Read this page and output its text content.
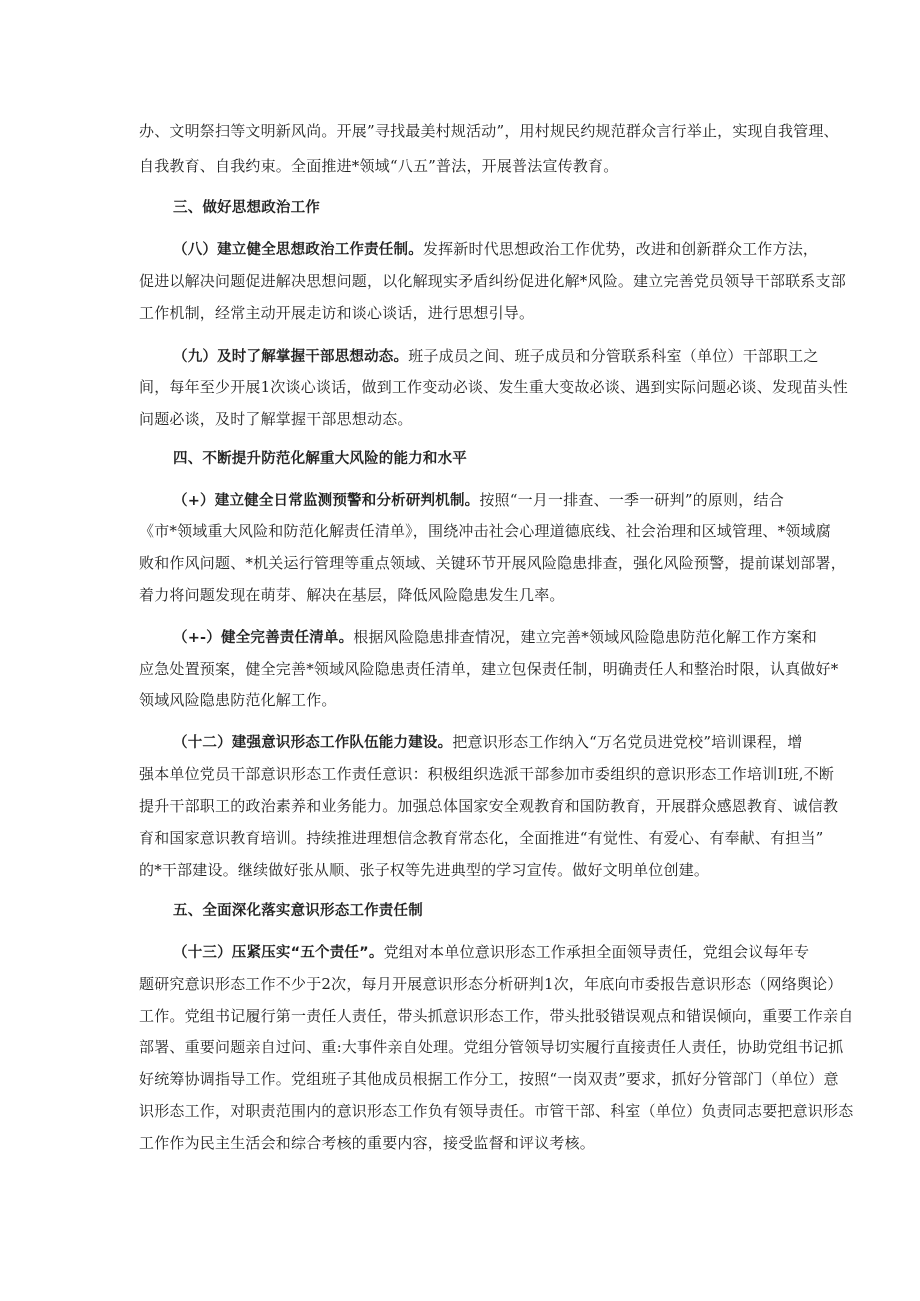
办、文明祭扫等文明新风尚。开展”寻找最美村规活动”，用村规民约规范群众言行举止，实现自我管理、
自我教育、自我约束。全面推进*领域“八五”普法，开展普法宣传教育。
三、做好思想政治工作
（八）建立健全思想政治工作责任制。发挥新时代思想政治工作优势，改进和创新群众工作方法，
促进以解决问题促进解决思想问题，以化解现实矛盾纠纷促进化解*风险。建立完善党员领导干部联系支部
工作机制，经常主动开展走访和谈心谈话，进行思想引导。
（九）及时了解掌握干部思想动态。班子成员之间、班子成员和分管联系科室（单位）干部职工之
间，每年至少开展1次谈心谈话，做到工作变动必谈、发生重大变故必谈、遇到实际问题必谈、发现苗头性
问题必谈，及时了解掌握干部思想动态。
四、不断提升防范化解重大风险的能力和水平
（+）建立健全日常监测预警和分析研判机制。按照“一月一排查、一季一研判”的原则，结合
《市*领域重大风险和防范化解责任清单》，围绕冲击社会心理道德底线、社会治理和区域管理、*领域腐
败和作风问题、*机关运行管理等重点领域、关键环节开展风险隐患排查，强化风险预警，提前谋划部署，
着力将问题发现在萌芽、解决在基层，降低风险隐患发生几率。
（+-）健全完善责任清单。根据风险隐患排查情况，建立完善*领域风险隐患防范化解工作方案和
应急处置预案，健全完善*领域风险隐患责任清单，建立包保责任制，明确责任人和整治时限，认真做好*
领域风险隐患防范化解工作。
（十二）建强意识形态工作队伍能力建设。把意识形态工作纳入“万名党员进党校”培训课程，增
强本单位党员干部意识形态工作责任意识：积极组织选派干部参加市委组织的意识形态工作培训I班,不断
提升干部职工的政治素养和业务能力。加强总体国家安全观教育和国防教育，开展群众感恩教育、诚信教
育和国家意识教育培训。持续推进理想信念教育常态化，全面推进“有觉性、有爱心、有奉献、有担当”
的*干部建设。继续做好张从顺、张子权等先进典型的学习宣传。做好文明单位创建。
五、全面深化落实意识形态工作责任制
（十三）压紧压实“五个责任”。党组对本单位意识形态工作承担全面领导责任，党组会议每年专
题研究意识形态工作不少于2次，每月开展意识形态分析研判1次，年底向市委报告意识形态（网络舆论）
工作。党组书记履行第一责任人责任，带头抓意识形态工作，带头批驳错误观点和错误倾向，重要工作亲自
部署、重要问题亲自过问、重:大事件亲自处理。党组分管领导切实履行直接责任人责任，协助党组书记抓
好统筹协调指导工作。党组班子其他成员根据工作分工，按照“一岗双责”要求，抓好分管部门（单位）意
识形态工作，对职责范围内的意识形态工作负有领导责任。市管干部、科室（单位）负责同志要把意识形态
工作作为民主生活会和综合考核的重要内容，接受监督和评议考核。
